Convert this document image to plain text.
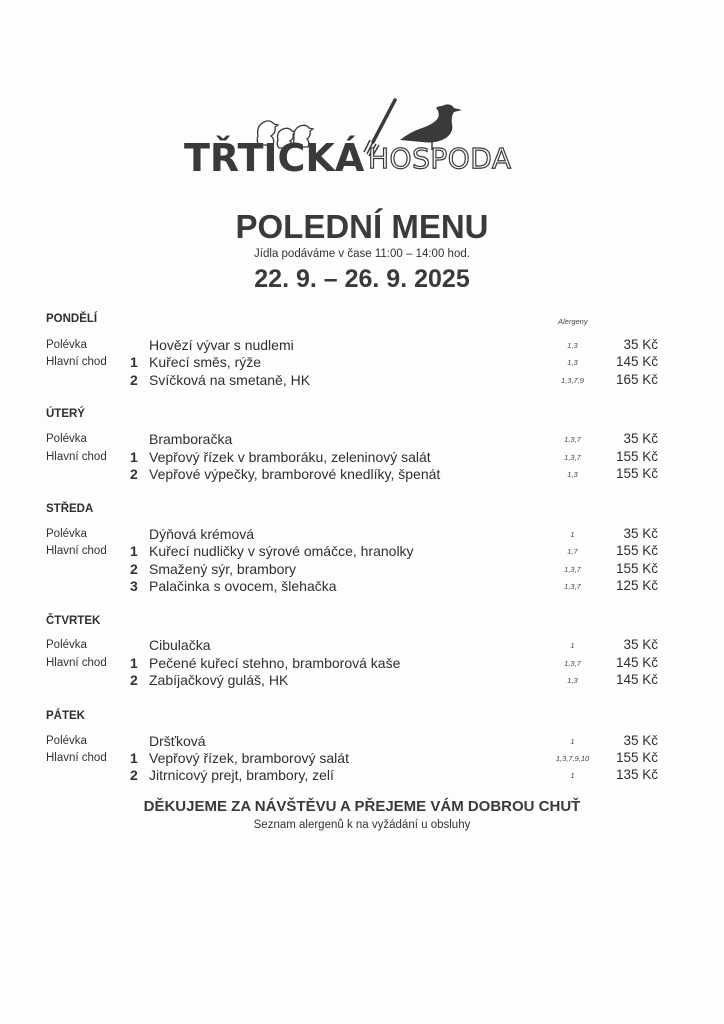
TŘTICKÁ HOSPODA
POLEDNÍ MENU
Jídla podáváme v čase 11:00 – 14:00 hod.
22. 9. – 26. 9. 2025
Alergeny
PONDĚLÍ
Polévka	Hovězí vývar s nudlemi	1,3	35 Kč
Hlavní chod 1 Kuřecí směs, rýže	1,3	145 Kč
2 Svíčková na smetaně, HK	1,3,7,9	165 Kč
ÚTERÝ
Polévka	Bramboračka	1,3,7	35 Kč
Hlavní chod 1 Vepřový řízek v bramboráku, zeleninový salát	1,3,7	155 Kč
2 Vepřové výpečky, bramborové knedlíky, špenát	1,3	155 Kč
STŘEDA
Polévka	Dýňová krémová	1	35 Kč
Hlavní chod 1 Kuřecí nudličky v sýrové omáčce, hranolky	1,7	155 Kč
2 Smažený sýr, brambory	1,3,7	155 Kč
3 Palačinka s ovocem, šlehačka	1,3,7	125 Kč
ČTVRTEK
Polévka	Cibulačka	1	35 Kč
Hlavní chod 1 Pečené kuřecí stehno, bramborová kaše	1,3,7	145 Kč
2 Zabíjačkový guláš, HK	1,3	145 Kč
PÁTEK
Polévka	Dršťková	1	35 Kč
Hlavní chod 1 Vepřový řízek, bramborový salát	1,3,7,9,10	155 Kč
2 Jitrnicový prejt, brambory, zelí	1	135 Kč
DĚKUJEME ZA NÁVŠTĚVU A PŘEJEME VÁM DOBROU CHUŤ
Seznam alergenů k na vyžádání u obsluhy
